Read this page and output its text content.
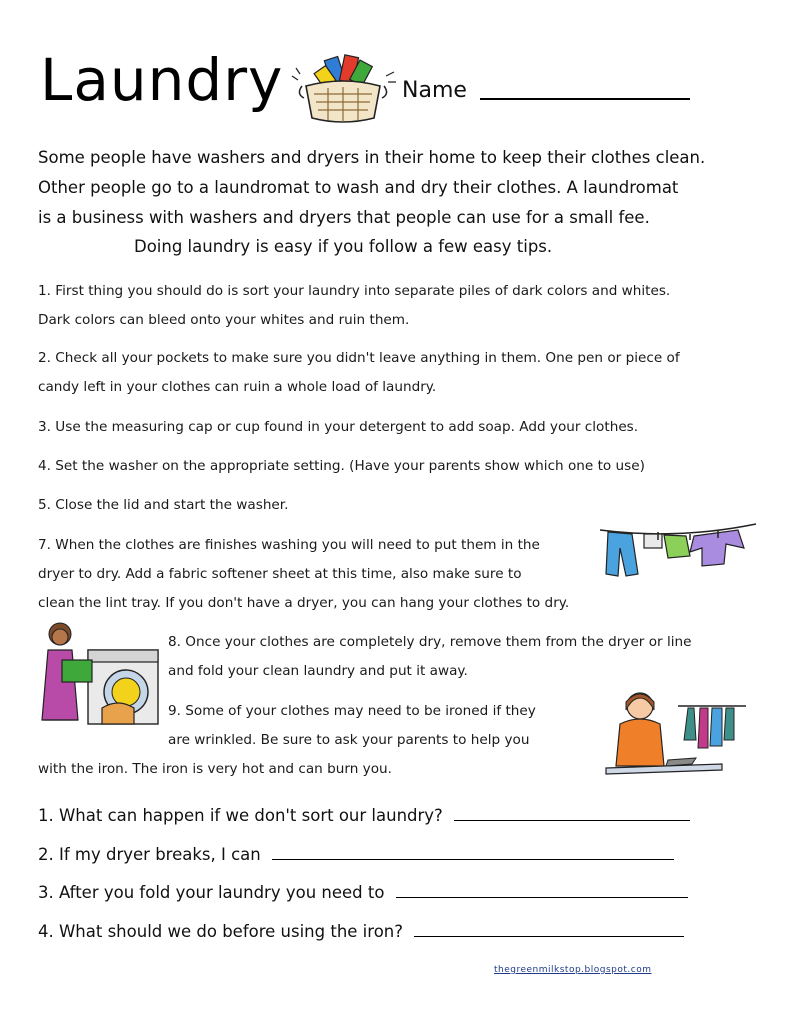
Laundry	Name
Some people have washers and dryers in their home to keep their clothes clean.
Other people go to a laundromat to wash and dry their clothes. A laundromat
is a business with washers and dryers that people can use for a small fee.
Doing laundry is easy if you follow a few easy tips.
1. First thing you should do is sort your laundry into separate piles of dark colors and whites.
Dark colors can bleed onto your whites and ruin them.
2. Check all your pockets to make sure you didn't leave anything in them. One pen or piece of
candy left in your clothes can ruin a whole load of laundry.
3. Use the measuring cap or cup found in your detergent to add soap. Add your clothes.
4. Set the washer on the appropriate setting. (Have your parents show which one to use)
5. Close the lid and start the washer.
7. When the clothes are finishes washing you will need to put them in the
dryer to dry. Add a fabric softener sheet at this time, also make sure to
clean the lint tray. If you don't have a dryer, you can hang your clothes to dry.
8. Once your clothes are completely dry, remove them from the dryer or line
and fold your clean laundry and put it away.
9. Some of your clothes may need to be ironed if they
are wrinkled. Be sure to ask your parents to help you
with the iron. The iron is very hot and can burn you.
1. What can happen if we don't sort our laundry?
2. If my dryer breaks, I can
3. After you fold your laundry you need to
4. What should we do before using the iron?
thegreenmilkstop.blogspot.com
